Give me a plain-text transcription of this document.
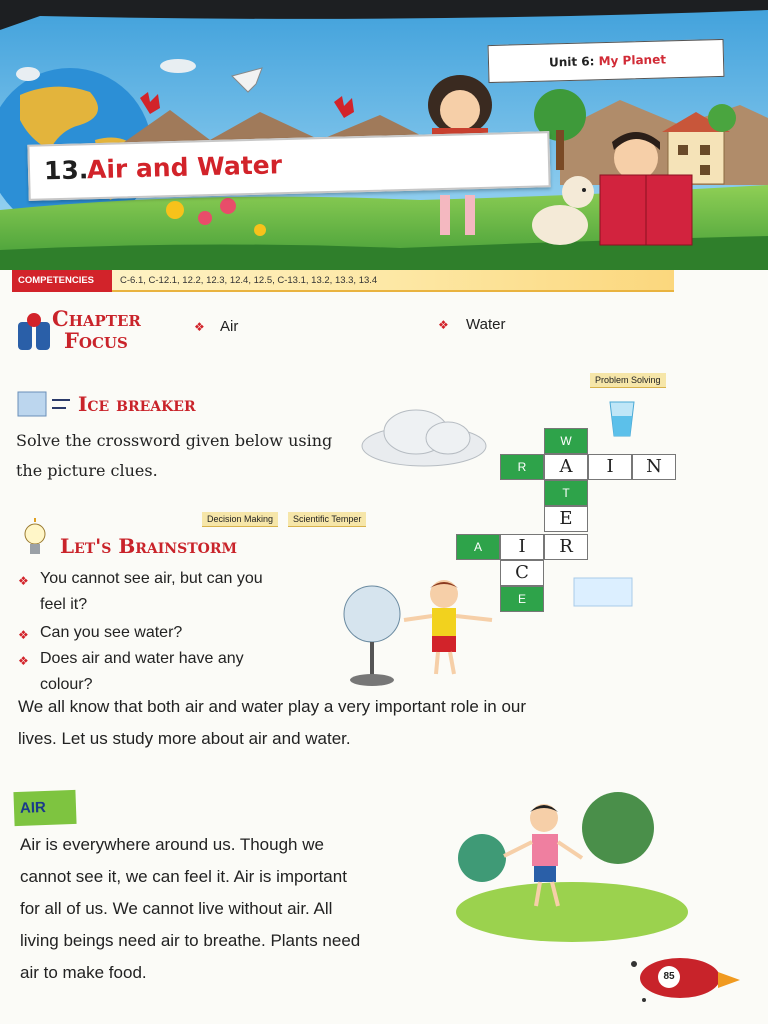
Unit 6: My Planet
13.
Air and Water
COMPETENCIES	C-6.1, C-12.1, 12.2, 12.3, 12.4, 12.5, C-13.1, 13.2, 13.3, 13.4
Chapter
Focus
❖ Air	❖ Water
Problem Solving
Ice breaker
Solve the crossword given below using
the picture clues.
W
R	A	I	N
T
E
A	I	R
C
E
Decision Making	Scientific Temper
Let's Brainstorm
❖ You cannot see air, but can you
feel it?
❖ Can you see water?
❖ Does air and water have any
colour?
We all know that both air and water play a very important role in our
lives. Let us study more about air and water.
AIR
Air is everywhere around us. Though we
cannot see it, we can feel it. Air is important
for all of us. We cannot live without air. All
living beings need air to breathe. Plants need
air to make food.	85
